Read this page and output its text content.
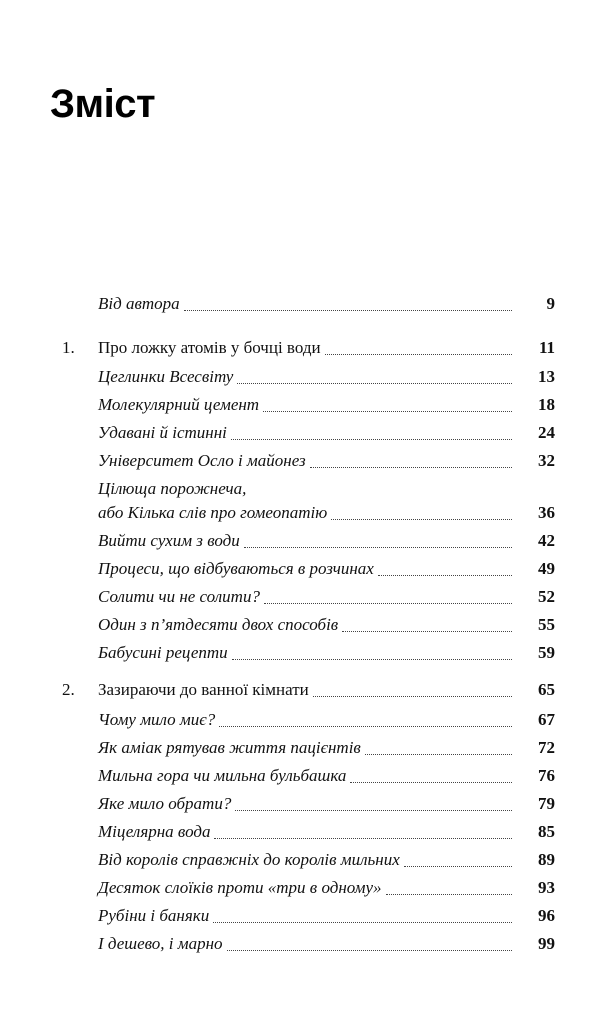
Зміст
Від автора	9
1. Про ложку атомів у бочці води	11
Цеглинки Всесвіту	13
Молекулярний цемент	18
Удавані й істинні	24
Університет Осло і майонез	32
Цілюща порожнеча,
або Кілька слів про гомеопатію	36
Вийти сухим з води	42
Процеси, що відбуваються в розчинах	49
Солити чи не солити?	52
Один з п’ятдесяти двох способів	55
Бабусині рецепти	59
2. Зазираючи до ванної кімнати	65
Чому мило миє?	67
Як аміак рятував життя пацієнтів	72
Мильна гора чи мильна бульбашка	76
Яке мило обрати?	79
Міцелярна вода	85
Від королів справжніх до королів мильних	89
Десяток слоїків проти «три в одному»	93
Рубіни і баняки	96
І дешево, і марно	99
